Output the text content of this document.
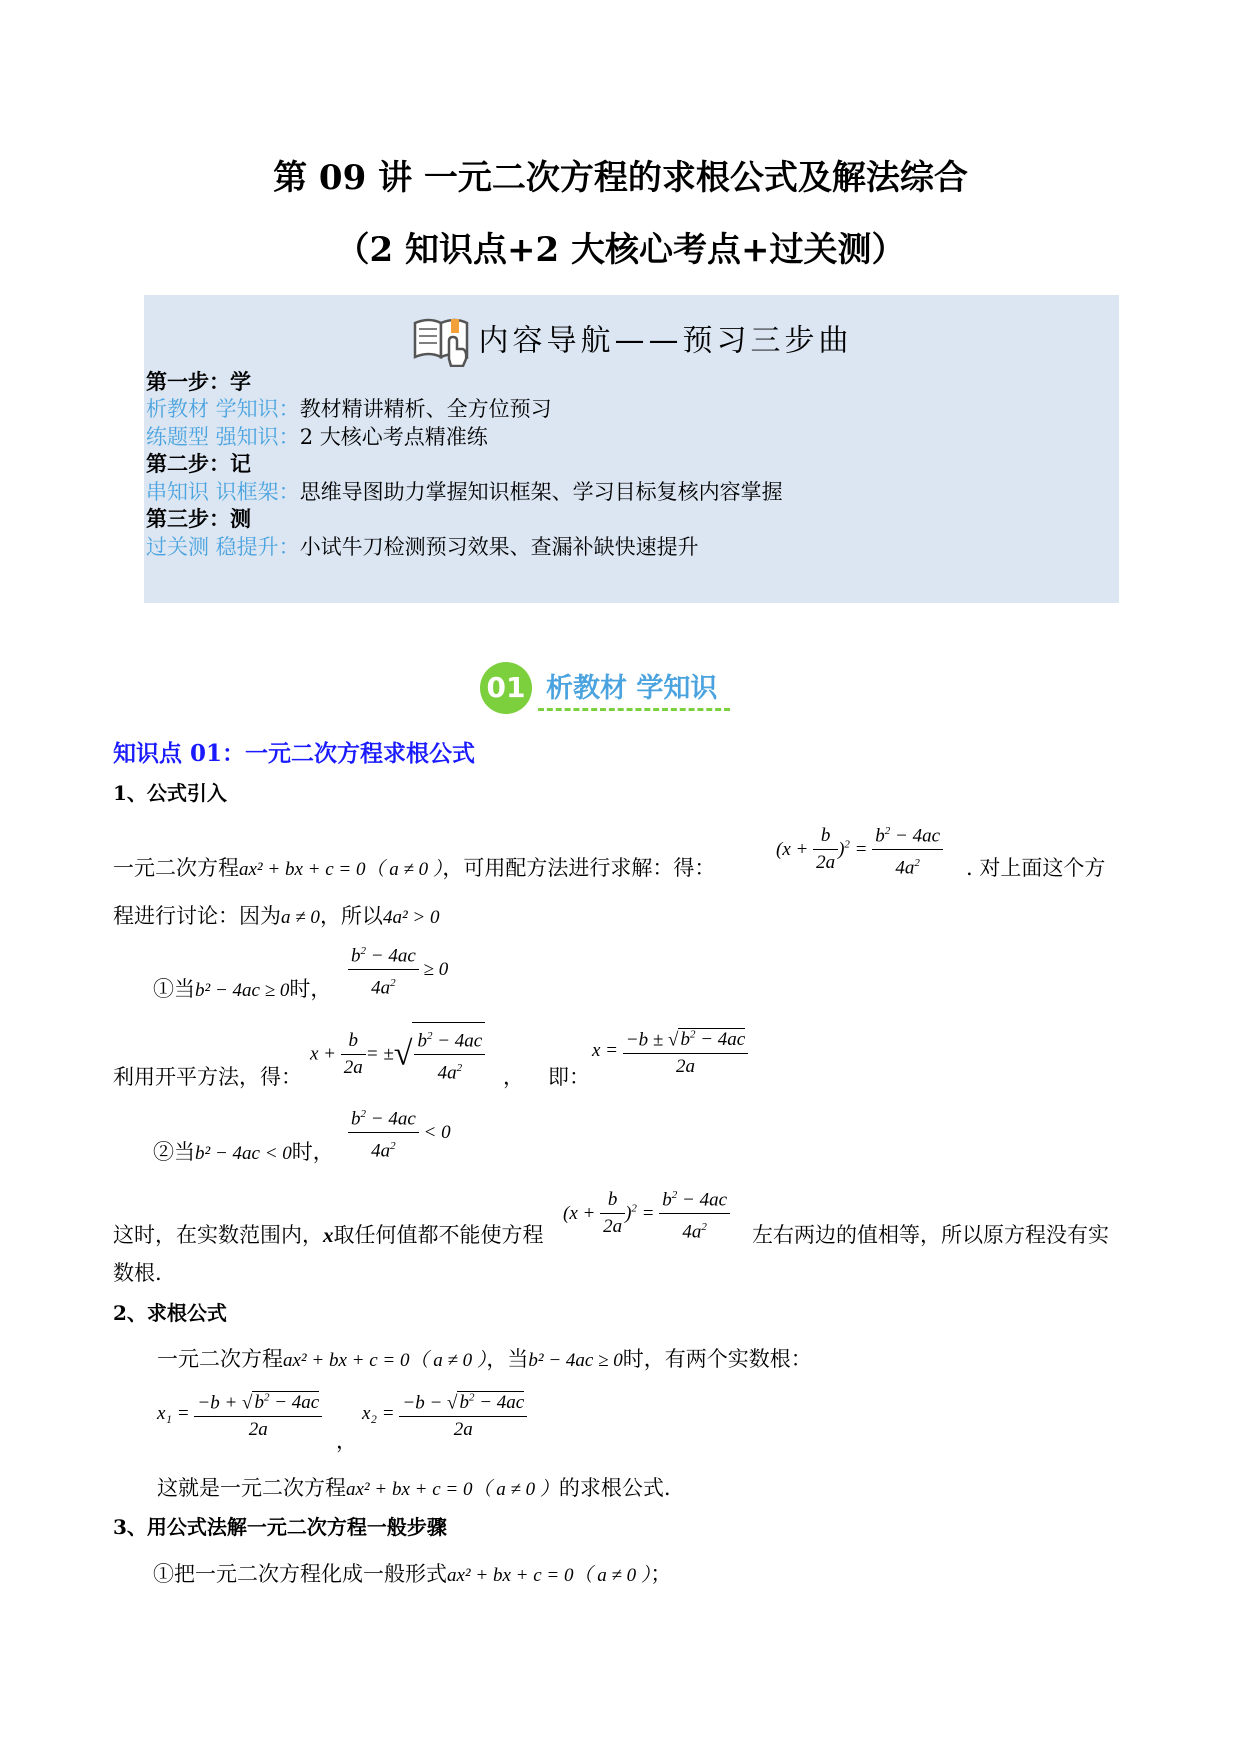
第 09 讲 一元二次方程的求根公式及解法综合
（2 知识点+2 大核心考点+过关测）
内容导航——预习三步曲
第一步：学
析教材 学知识：教材精讲精析、全方位预习
练题型 强知识：2 大核心考点精准练
第二步：记
串知识 识框架：思维导图助力掌握知识框架、学习目标复核内容掌握
第三步：测
过关测 稳提升：小试牛刀检测预习效果、查漏补缺快速提升
01 析教材 学知识
知识点 01：一元二次方程求根公式
1、公式引入
一元二次方程ax² + bx + c = 0（ a ≠ 0 ），可用配方法进行求解：得：
$(x + \frac{b}{2a} )^2 = \frac{b^2 - 4ac}{4a^2}$ . 对上面这个方
程进行讨论：因为a ≠ 0，所以4a² > 0
①当b² − 4ac ≥ 0时， $\frac{b^2 - 4ac}{4a^2} \ge 0$
利用开平方法，得：
$x + \frac{b}{2a}$ = ±√ $\frac{b^2 - 4ac}{4a^2}$ ， 即：
$x = \frac{-b \pm √ b^2 - 4ac}{2a}$
②当b² − 4ac < 0时， $\frac{b^2 - 4ac}{4a^2} < 0$
这时，在实数范围内，x取任何值都不能使方程
$(x + \frac{b}{2a} )^2 = \frac{b^2 - 4ac}{4a^2}$ 左右两边的值相等，所以原方程没有实
数根.
2、求根公式
一元二次方程ax² + bx + c = 0（ a ≠ 0 ），当b² − 4ac ≥ 0时，有两个实数根：
$x_1 = \frac{-b + √ b^2 - 4ac}{2a}$ ，
$x_2 = \frac{-b - √ b^2 - 4ac}{2a}$
这就是一元二次方程ax² + bx + c = 0（ a ≠ 0 ）的求根公式.
3、用公式法解一元二次方程一般步骤
①把一元二次方程化成一般形式ax² + bx + c = 0（ a ≠ 0 ）；
